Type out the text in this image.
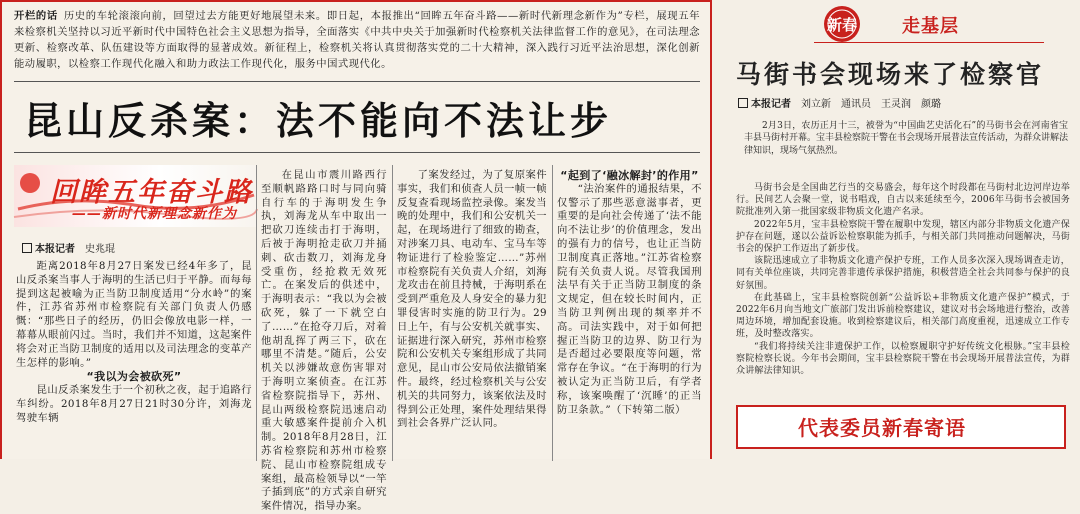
开栏的话 历史的车轮滚滚向前，回望过去方能更好地展望未来。即日起，本报推出“回眸五年奋斗路——新时代新理念新作为”专栏，展现五年来检察机关坚持以习近平新时代中国特色社会主义思想为指导，全面落实《中共中央关于加强新时代检察机关法律监督工作的意见》，在司法理念更新、检察改革、队伍建设等方面取得的显著成效。新征程上，检察机关将认真贯彻落实党的二十大精神，深入践行习近平法治思想，深化创新能动履职，以检察工作现代化融入和助力政法工作现代化，服务中国式现代化。
昆山反杀案：法不能向不法让步
回眸五年奋斗路
——新时代新理念新作为
本报记者 史兆琨

距离2018年8月27日案发已经4年多了，昆山反杀案当事人于海明的生活已归于平静。而每每提到这起被喻为正当防卫制度适用“分水岭”的案件，江苏省苏州市检察院有关部门负责人仍感慨：“那些日子的经历，仍旧会像放电影一样，一幕幕从眼前闪过。当时，我们并不知道，这起案件将会对正当防卫制度的适用以及司法理念的变革产生怎样的影响。”

“我以为会被砍死”

昆山反杀案发生于一个初秋之夜，起于追路行车纠纷。2018年8月27日21时30分许，刘海龙驾驶车辆

在昆山市震川路西行至顺帆路路口时与同向骑自行车的于海明发生争执，刘海龙从车中取出一把砍刀连续击打于海明，后被于海明抢走砍刀并捅刺、砍击数刀，刘海龙身受重伤，经抢救无效死亡。在案发后的供述中，于海明表示：“我以为会被砍死，躲了一下就空白了……”在抢夺刀后，对着他胡乱挥了两三下，砍在哪里不清楚。”随后，公安机关以涉嫌故意伤害罪对于海明立案侦查。在江苏省检察院指导下，苏州、昆山两级检察院迅速启动重大敏感案件提前介入机制。2018年8月28日，江苏省检察院和苏州市检察院、昆山市检察院组成专案组，最高检领导以“一竿子插到底”的方式亲自研究案件情况，指导办案。

了案发经过，为了复原案件事实，我们和侦查人员一帧一帧反复查看现场监控录像。案发当晚的处理中，我们和公安机关一起，在现场进行了细致的勘查，对涉案刀具、电动车、宝马车等物证进行了检验鉴定……”苏州市检察院有关负责人介绍，刘海龙攻击在前且持械，于海明系在受到严重危及人身安全的暴力犯罪侵害时实施的防卫行为。29日上午，有与公安机关就事实、证据进行深入研究，苏州市检察院和公安机关专案组形成了共同意见，昆山市公安局依法撤销案件。最终，经过检察机关与公安机关的共同努力，该案依法及时得到公正处理，案件处理结果得到社会各界广泛认同。

“起到了‘融冰解封’的作用”

“法治案件的通报结果，不仅警示了那些恶意滋事者，更重要的是向社会传递了‘法不能向不法让步’的价值理念，发出的强有力的信号，也让正当防卫制度真正落地。”江苏省检察院有关负责人说。尽管我国刑法早有关于正当防卫制度的条文规定，但在较长时间内，正当防卫判例出现的频率并不高。司法实践中，对于如何把握正当防卫的边界、防卫行为是否超过必要限度等问题，常常存在争议。“在于海明的行为被认定为正当防卫后，有学者称，该案唤醒了‘沉睡’的正当防卫条款。”（下转第二版）

新春 走基层
马街书会现场来了检察官
本报记者 刘立新　通讯员　王灵润　颜璐
2月3日，农历正月十三，被誉为“中国曲艺史活化石”的马街书会在河南省宝丰县马街村开幕。宝丰县检察院干警在书会现场开展普法宣传活动，为群众讲解法律知识，现场气氛热烈。

马街书会是全国曲艺行当的交易盛会，每年这个时段都在马街村北边河岸边举行。民间艺人会聚一堂，说书唱戏，自古以来延续至今，2006年马街书会被国务院批准列入第一批国家级非物质文化遗产名录。

2022年5月，宝丰县检察院干警在履职中发现，辖区内部分非物质文化遗产保护存在问题，遂以公益诉讼检察职能为抓手，与相关部门共同推动问题解决，马街书会的保护工作迈出了新步伐。

该院迅速成立了非物质文化遗产保护专班，工作人员多次深入现场调查走访，同有关单位座谈，共同完善非遗传承保护措施，积极营造全社会共同参与保护的良好氛围。

在此基础上，宝丰县检察院创新“公益诉讼+非物质文化遗产保护”模式，于2022年6月向当地文广旅部门发出诉前检察建议，建议对书会场地进行整治，改善周边环境，增加配套设施。收到检察建议后，相关部门高度重视，迅速成立工作专班，及时整改落实。

“我们将持续关注非遗保护工作，以检察履职守护好传统文化根脉。”宝丰县检察院检察长说。今年书会期间，宝丰县检察院干警在书会现场开展普法宣传，为群众讲解法律知识。

代表委员新春寄语
